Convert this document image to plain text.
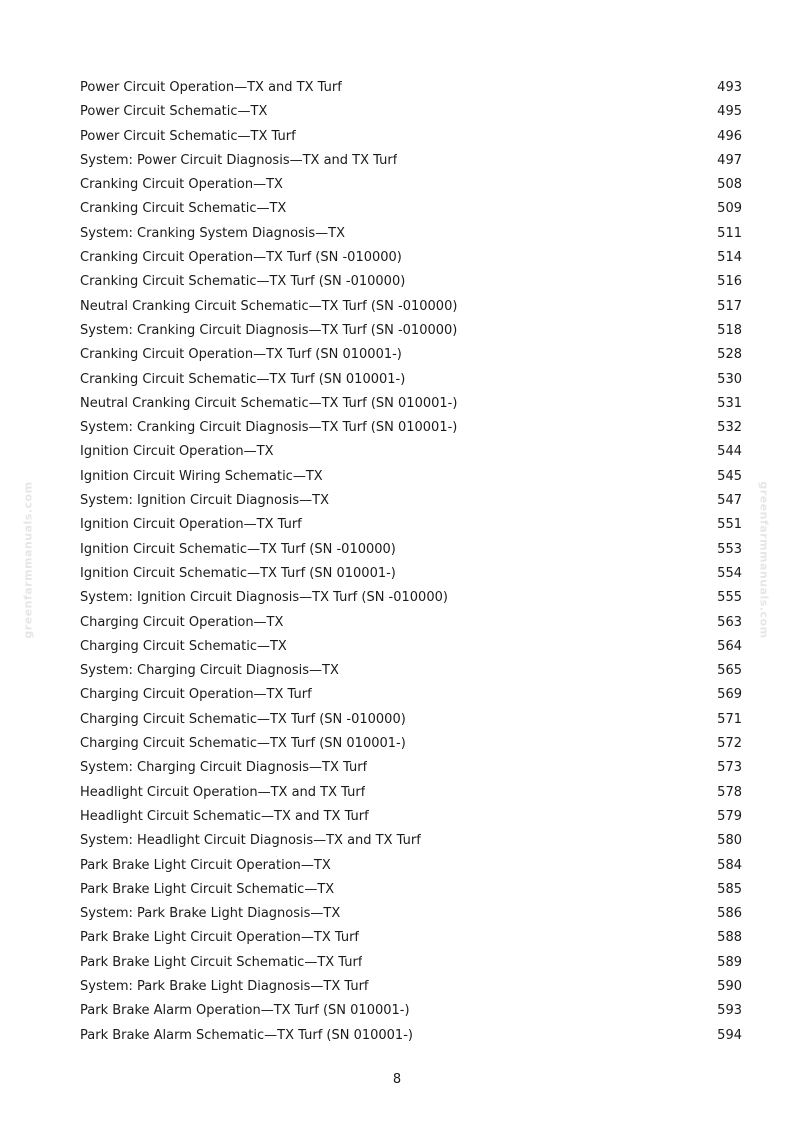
greenfarmmanuals.com	greenfarmmanuals.com
Power Circuit Operation—TX and TX Turf	493
Power Circuit Schematic—TX	495
Power Circuit Schematic—TX Turf	496
System: Power Circuit Diagnosis—TX and TX Turf	497
Cranking Circuit Operation—TX	508
Cranking Circuit Schematic—TX	509
System: Cranking System Diagnosis—TX	511
Cranking Circuit Operation—TX Turf (SN -010000)	514
Cranking Circuit Schematic—TX Turf (SN -010000)	516
Neutral Cranking Circuit Schematic—TX Turf (SN -010000)	517
System: Cranking Circuit Diagnosis—TX Turf (SN -010000)	518
Cranking Circuit Operation—TX Turf (SN 010001-)	528
Cranking Circuit Schematic—TX Turf (SN 010001-)	530
Neutral Cranking Circuit Schematic—TX Turf (SN 010001-)	531
System: Cranking Circuit Diagnosis—TX Turf (SN 010001-)	532
Ignition Circuit Operation—TX	544
Ignition Circuit Wiring Schematic—TX	545
System: Ignition Circuit Diagnosis—TX	547
Ignition Circuit Operation—TX Turf	551
Ignition Circuit Schematic—TX Turf (SN -010000)	553
Ignition Circuit Schematic—TX Turf (SN 010001-)	554
System: Ignition Circuit Diagnosis—TX Turf (SN -010000)	555
Charging Circuit Operation—TX	563
Charging Circuit Schematic—TX	564
System: Charging Circuit Diagnosis—TX	565
Charging Circuit Operation—TX Turf	569
Charging Circuit Schematic—TX Turf (SN -010000)	571
Charging Circuit Schematic—TX Turf (SN 010001-)	572
System: Charging Circuit Diagnosis—TX Turf	573
Headlight Circuit Operation—TX and TX Turf	578
Headlight Circuit Schematic—TX and TX Turf	579
System: Headlight Circuit Diagnosis—TX and TX Turf	580
Park Brake Light Circuit Operation—TX	584
Park Brake Light Circuit Schematic—TX	585
System: Park Brake Light Diagnosis—TX	586
Park Brake Light Circuit Operation—TX Turf	588
Park Brake Light Circuit Schematic—TX Turf	589
System: Park Brake Light Diagnosis—TX Turf	590
Park Brake Alarm Operation—TX Turf (SN 010001-)	593
Park Brake Alarm Schematic—TX Turf (SN 010001-)	594
8
